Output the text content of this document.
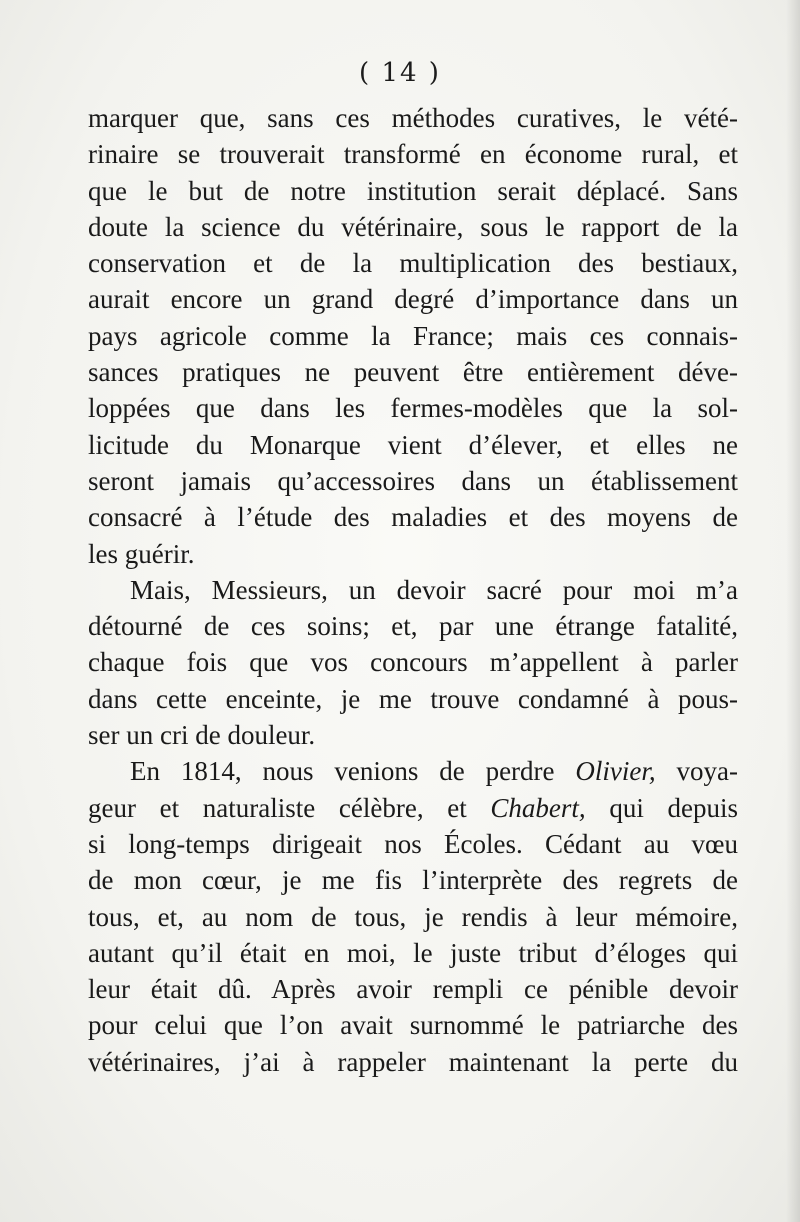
( 14 )
marquer que, sans ces méthodes curatives, le vété-
rinaire se trouverait transformé en économe rural, et
que le but de notre institution serait déplacé. Sans
doute la science du vétérinaire, sous le rapport de la
conservation et de la multiplication des bestiaux,
aurait encore un grand degré d’importance dans un
pays agricole comme la France; mais ces connais-
sances pratiques ne peuvent être entièrement déve-
loppées que dans les fermes-modèles que la sol-
licitude du Monarque vient d’élever, et elles ne
seront jamais qu’accessoires dans un établissement
consacré à l’étude des maladies et des moyens de
les guérir.
Mais, Messieurs, un devoir sacré pour moi m’a
détourné de ces soins; et, par une étrange fatalité,
chaque fois que vos concours m’appellent à parler
dans cette enceinte, je me trouve condamné à pous-
ser un cri de douleur.
En 1814, nous venions de perdre Olivier, voya-
geur et naturaliste célèbre, et Chabert, qui depuis
si long-temps dirigeait nos Écoles. Cédant au vœu
de mon cœur, je me fis l’interprète des regrets de
tous, et, au nom de tous, je rendis à leur mémoire,
autant qu’il était en moi, le juste tribut d’éloges qui
leur était dû. Après avoir rempli ce pénible devoir
pour celui que l’on avait surnommé le patriarche des
vétérinaires, j’ai à rappeler maintenant la perte du
